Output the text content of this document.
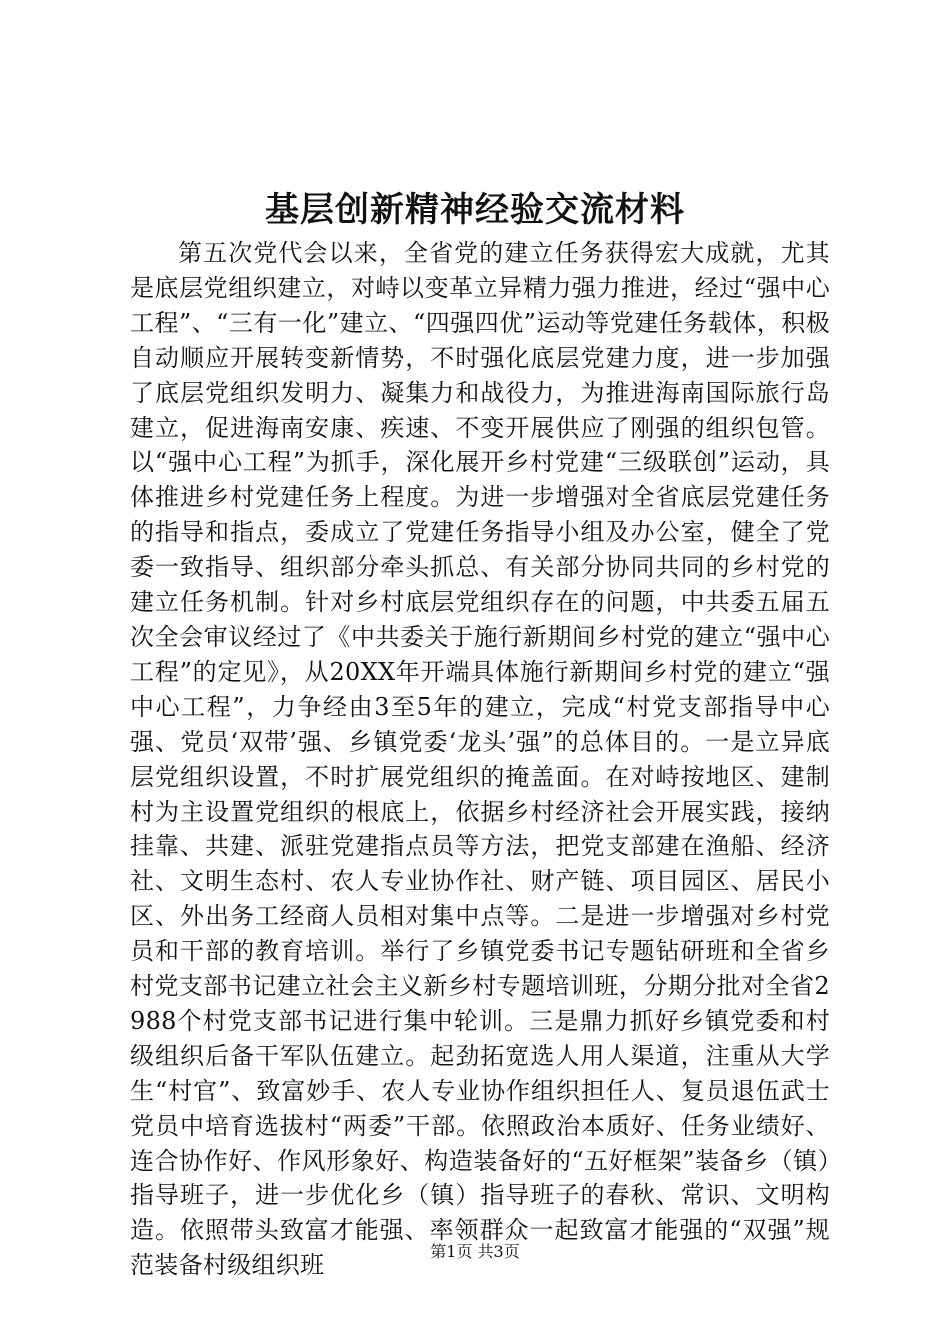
基层创新精神经验交流材料

第五次党代会以来，全省党的建立任务获得宏大成就，尤其是底层党组织建立，对峙以变革立异精力强力推进，经过“强中心工程”、“三有一化”建立、“四强四优”运动等党建任务载体，积极自动顺应开展转变新情势，不时强化底层党建力度，进一步加强了底层党组织发明力、凝集力和战役力，为推进海南国际旅行岛建立，促进海南安康、疾速、不变开展供应了刚强的组织包管。以“强中心工程”为抓手，深化展开乡村党建“三级联创”运动，具体推进乡村党建任务上程度。为进一步增强对全省底层党建任务的指导和指点，委成立了党建任务指导小组及办公室，健全了党委一致指导、组织部分牵头抓总、有关部分协同共同的乡村党的建立任务机制。针对乡村底层党组织存在的问题，中共委五届五次全会审议经过了《中共委关于施行新期间乡村党的建立“强中心工程”的定见》，从20XX年开端具体施行新期间乡村党的建立“强中心工程”，力争经由3至5年的建立，完成“村党支部指导中心强、党员‘双带’强、乡镇党委‘龙头’强”的总体目的。一是立异底层党组织设置，不时扩展党组织的掩盖面。在对峙按地区、建制村为主设置党组织的根底上，依据乡村经济社会开展实践，接纳挂靠、共建、派驻党建指点员等方法，把党支部建在渔船、经济社、文明生态村、农人专业协作社、财产链、项目园区、居民小区、外出务工经商人员相对集中点等。二是进一步增强对乡村党员和干部的教育培训。举行了乡镇党委书记专题钻研班和全省乡村党支部书记建立社会主义新乡村专题培训班，分期分批对全省2988个村党支部书记进行集中轮训。三是鼎力抓好乡镇党委和村级组织后备干军队伍建立。起劲拓宽选人用人渠道，注重从大学生“村官”、致富妙手、农人专业协作组织担任人、复员退伍武士党员中培育选拔村“两委”干部。依照政治本质好、任务业绩好、连合协作好、作风形象好、构造装备好的“五好框架”装备乡（镇）指导班子，进一步优化乡（镇）指导班子的春秋、常识、文明构造。依照带头致富才能强、率领群众一起致富才能强的“双强”规范装备村级组织班	第1页 共3页
